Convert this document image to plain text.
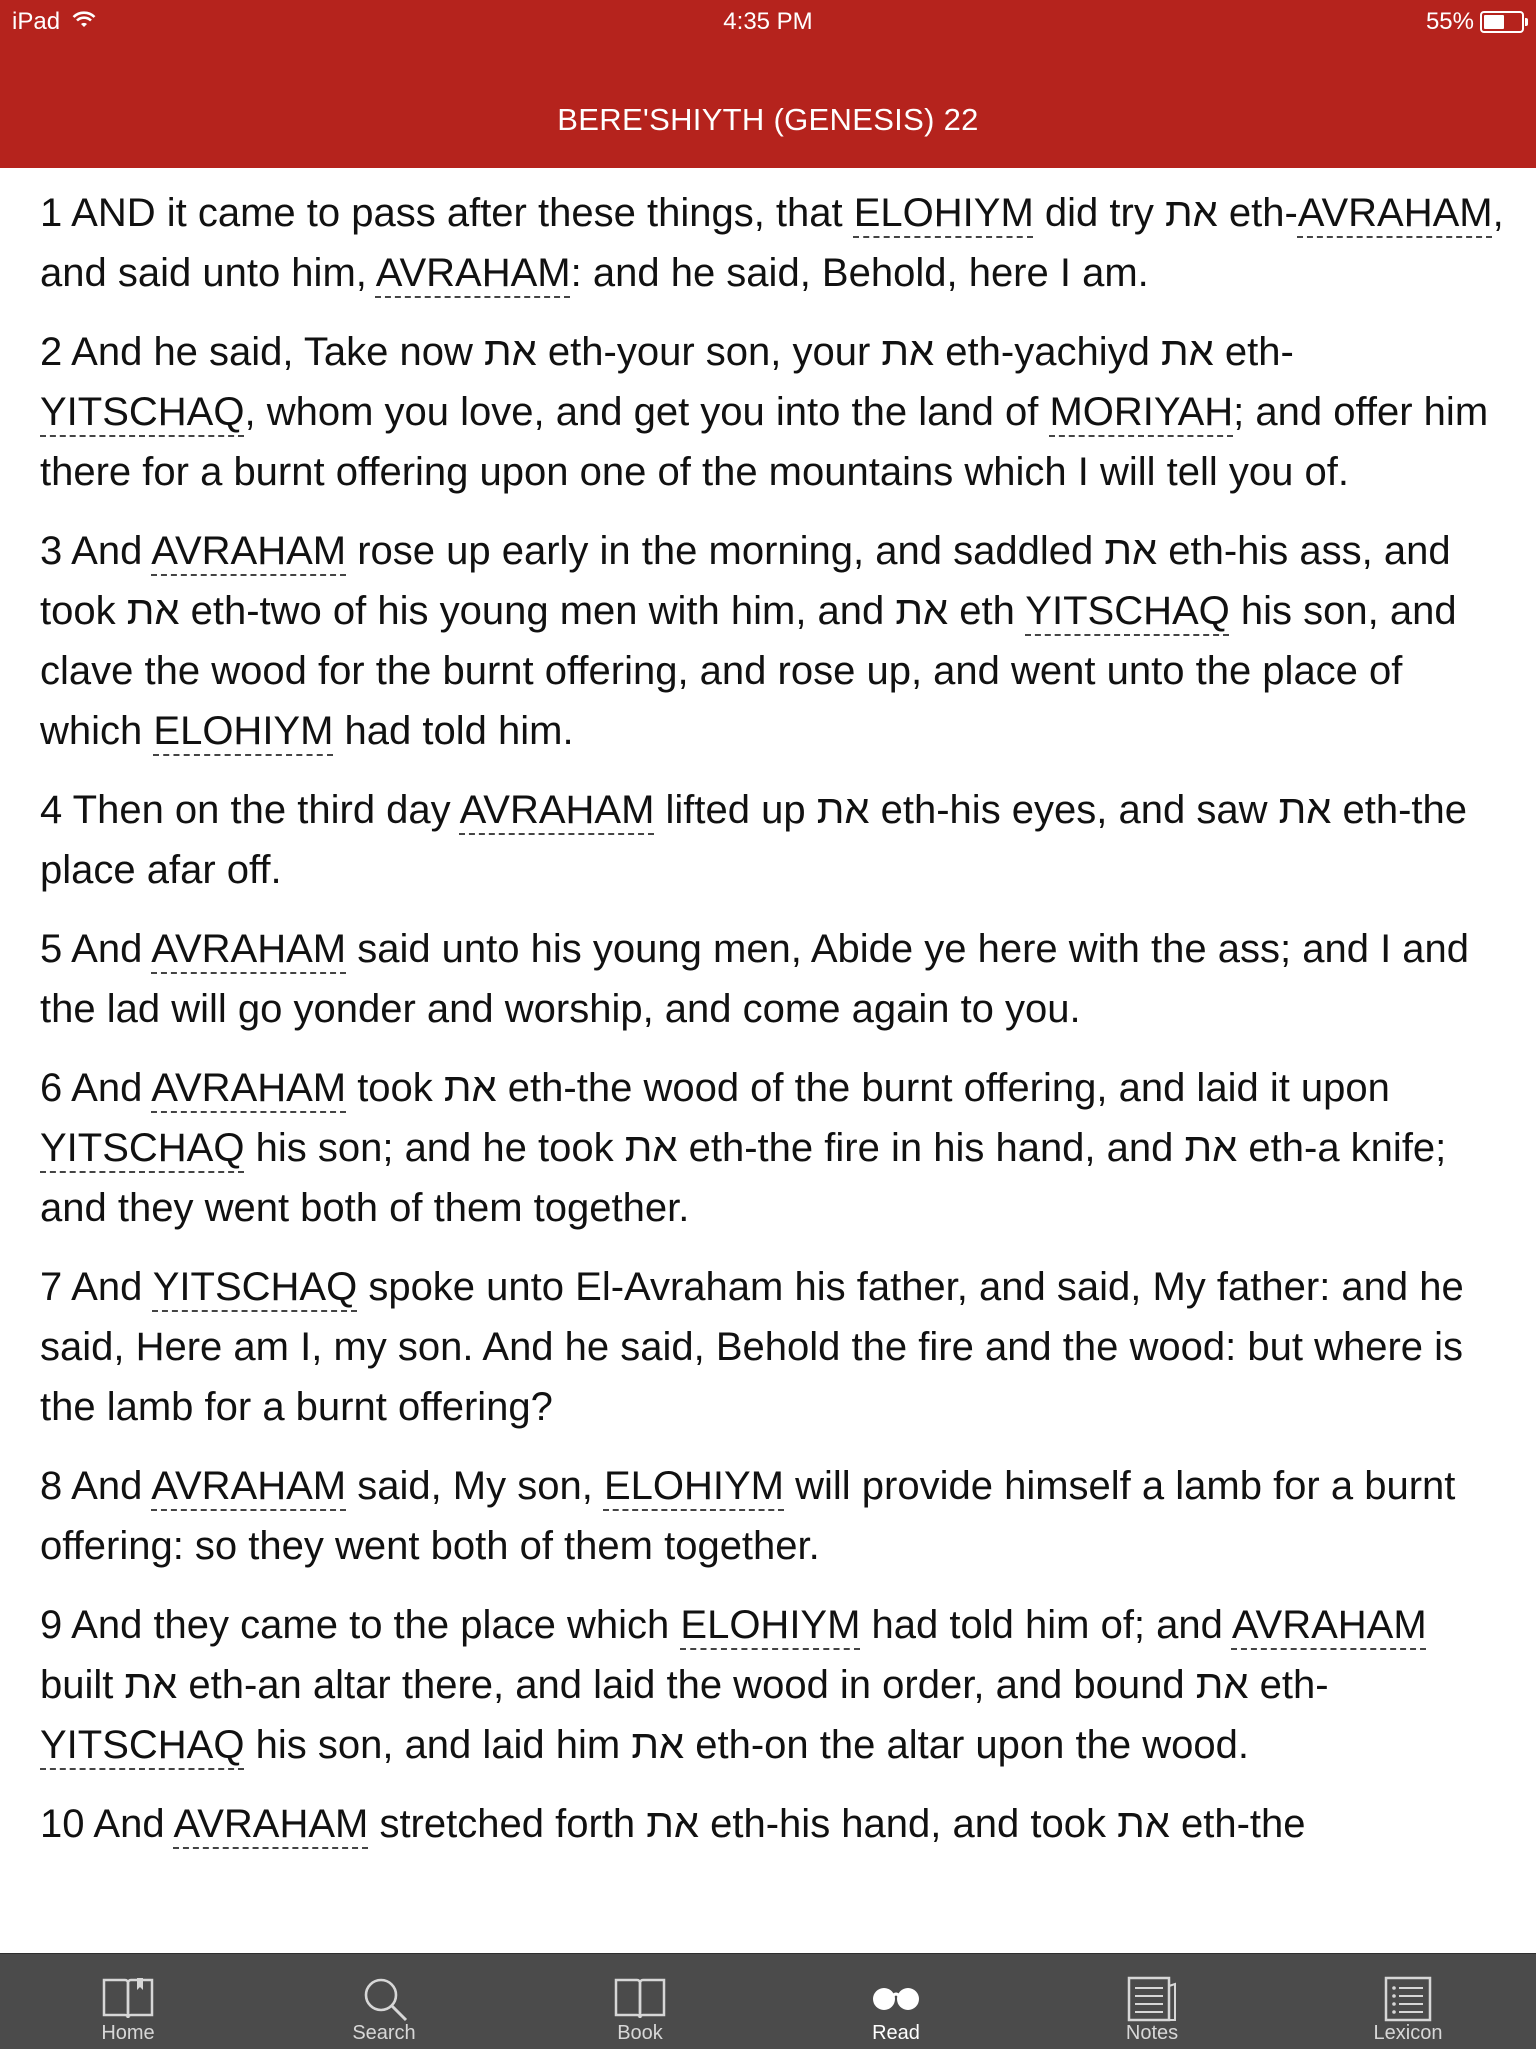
iPad	4:35 PM	55%
BERE'SHIYTH (GENESIS) 22

1 AND it came to pass after these things, that ELOHIYM did try את eth-AVRAHAM, and said unto him, AVRAHAM: and he said, Behold, here I am.

2 And he said, Take now את eth-your son, your את eth-yachiyd את eth-YITSCHAQ, whom you love, and get you into the land of MORIYAH; and offer him there for a burnt offering upon one of the mountains which I will tell you of.

3 And AVRAHAM rose up early in the morning, and saddled את eth-his ass, and took את eth-two of his young men with him, and את eth YITSCHAQ his son, and clave the wood for the burnt offering, and rose up, and went unto the place of which ELOHIYM had told him.

4 Then on the third day AVRAHAM lifted up את eth-his eyes, and saw את eth-the place afar off.

5 And AVRAHAM said unto his young men, Abide ye here with the ass; and I and the lad will go yonder and worship, and come again to you.

6 And AVRAHAM took את eth-the wood of the burnt offering, and laid it upon YITSCHAQ his son; and he took את eth-the fire in his hand, and את eth-a knife; and they went both of them together.

7 And YITSCHAQ spoke unto El-Avraham his father, and said, My father: and he said, Here am I, my son. And he said, Behold the fire and the wood: but where is the lamb for a burnt offering?

8 And AVRAHAM said, My son, ELOHIYM will provide himself a lamb for a burnt offering: so they went both of them together.

9 And they came to the place which ELOHIYM had told him of; and AVRAHAM built את eth-an altar there, and laid the wood in order, and bound את eth-YITSCHAQ his son, and laid him את eth-on the altar upon the wood.

10 And AVRAHAM stretched forth את eth-his hand, and took את eth-the

Home	Search	Book	Read	Notes	Lexicon
